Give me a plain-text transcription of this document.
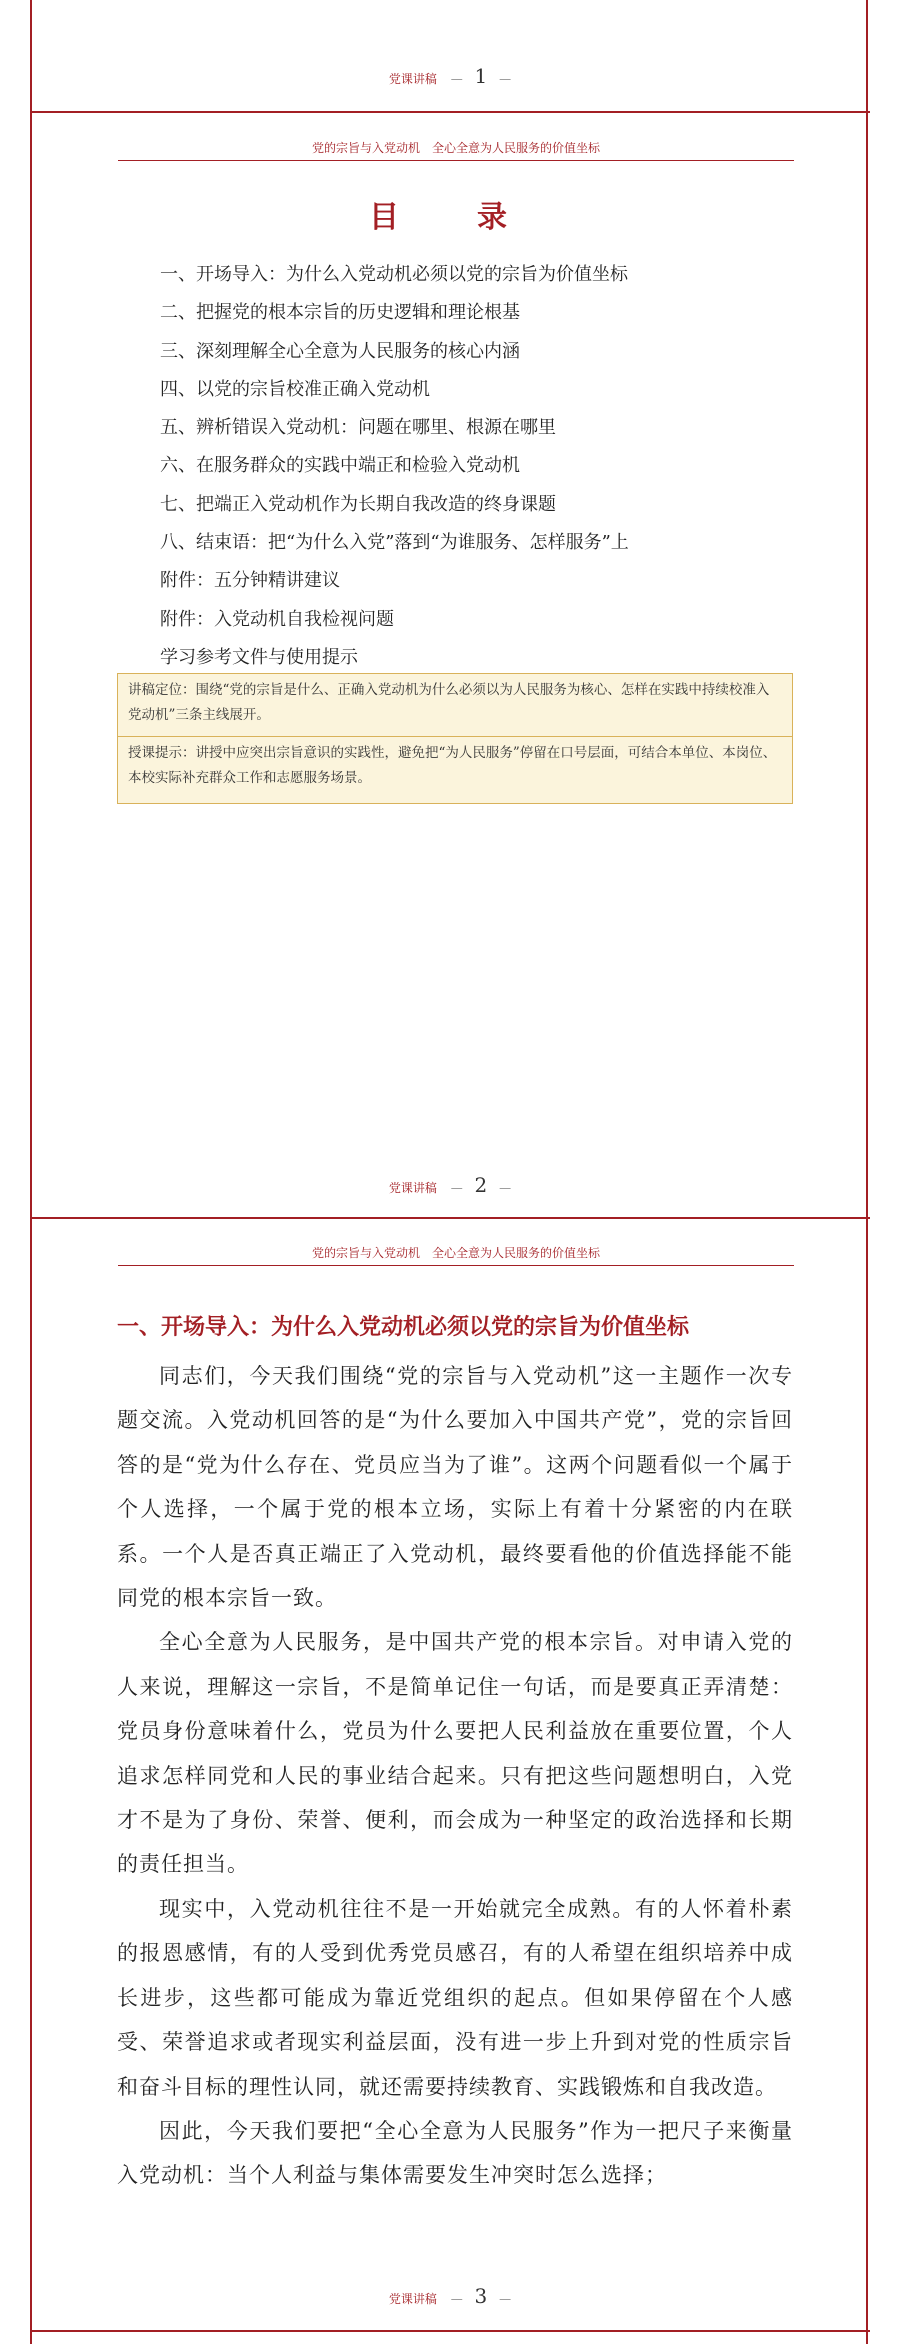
党课讲稿 — 1 —
党的宗旨与入党动机　全心全意为人民服务的价值坐标
目　录
一、开场导入：为什么入党动机必须以党的宗旨为价值坐标
二、把握党的根本宗旨的历史逻辑和理论根基
三、深刻理解全心全意为人民服务的核心内涵
四、以党的宗旨校准正确入党动机
五、辨析错误入党动机：问题在哪里、根源在哪里
六、在服务群众的实践中端正和检验入党动机
七、把端正入党动机作为长期自我改造的终身课题
八、结束语：把“为什么入党”落到“为谁服务、怎样服务”上
附件：五分钟精讲建议
附件：入党动机自我检视问题
学习参考文件与使用提示
讲稿定位：围绕“党的宗旨是什么、正确入党动机为什么必须以为人民服务为核心、怎样在实践中持续校准入党动机”三条主线展开。
授课提示：讲授中应突出宗旨意识的实践性，避免把“为人民服务”停留在口号层面，可结合本单位、本岗位、本校实际补充群众工作和志愿服务场景。
党课讲稿 — 2 —
党的宗旨与入党动机　全心全意为人民服务的价值坐标
一、开场导入：为什么入党动机必须以党的宗旨为价值坐标

同志们，今天我们围绕“党的宗旨与入党动机”这一主题作一次专题交流。入党动机回答的是“为什么要加入中国共产党”，党的宗旨回答的是“党为什么存在、党员应当为了谁”。这两个问题看似一个属于个人选择，一个属于党的根本立场，实际上有着十分紧密的内在联系。一个人是否真正端正了入党动机，最终要看他的价值选择能不能同党的根本宗旨一致。

全心全意为人民服务，是中国共产党的根本宗旨。对申请入党的人来说，理解这一宗旨，不是简单记住一句话，而是要真正弄清楚：党员身份意味着什么，党员为什么要把人民利益放在重要位置，个人追求怎样同党和人民的事业结合起来。只有把这些问题想明白，入党才不是为了身份、荣誉、便利，而会成为一种坚定的政治选择和长期的责任担当。

现实中，入党动机往往不是一开始就完全成熟。有的人怀着朴素的报恩感情，有的人受到优秀党员感召，有的人希望在组织培养中成长进步，这些都可能成为靠近党组织的起点。但如果停留在个人感受、荣誉追求或者现实利益层面，没有进一步上升到对党的性质宗旨和奋斗目标的理性认同，就还需要持续教育、实践锻炼和自我改造。

因此，今天我们要把“全心全意为人民服务”作为一把尺子来衡量入党动机：当个人利益与集体需要发生冲突时怎么选择；

党课讲稿 — 3 —
